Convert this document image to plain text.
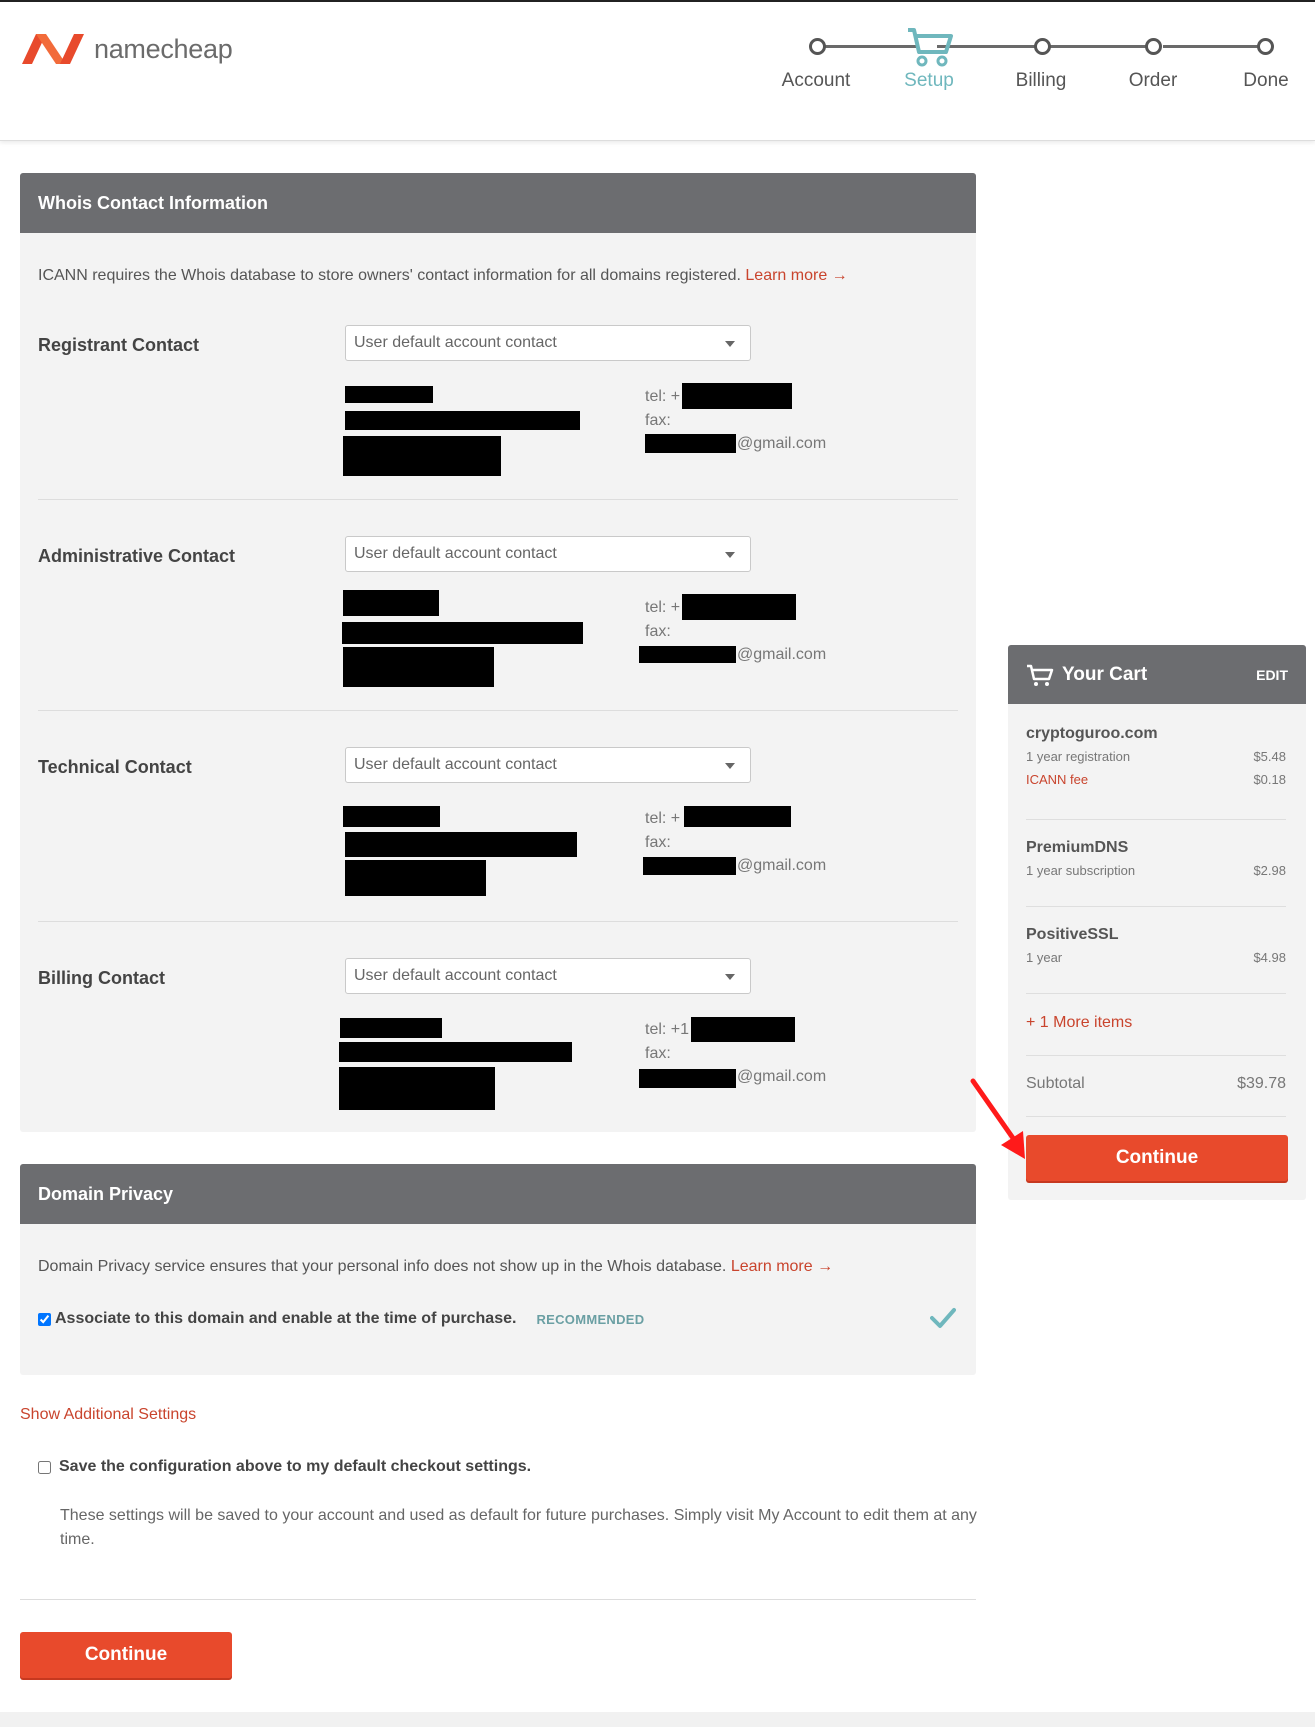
namecheap
Account	Setup	Billing	Order	Done
Whois Contact Information
ICANN requires the Whois database to store owners' contact information for all domains registered. Learn more →
Registrant Contact	User default account contact
tel: +
fax:
@gmail.com
Administrative Contact	User default account contact
tel: +
fax:
@gmail.com
Technical Contact	User default account contact
tel: +
fax:
@gmail.com
Billing Contact	User default account contact
tel: +1
fax:
@gmail.com
Domain Privacy
Domain Privacy service ensures that your personal info does not show up in the Whois database. Learn more →
Associate to this domain and enable at the time of purchase. RECOMMENDED
Show Additional Settings
Save the configuration above to my default checkout settings.
These settings will be saved to your account and used as default for future purchases. Simply visit My Account to edit them at any time.
Continue
Your Cart	EDIT
cryptoguroo.com
1 year registration	$5.48
ICANN fee	$0.18
PremiumDNS
1 year subscription	$2.98
PositiveSSL
1 year	$4.98
+ 1 More items
Subtotal	$39.78
Continue
